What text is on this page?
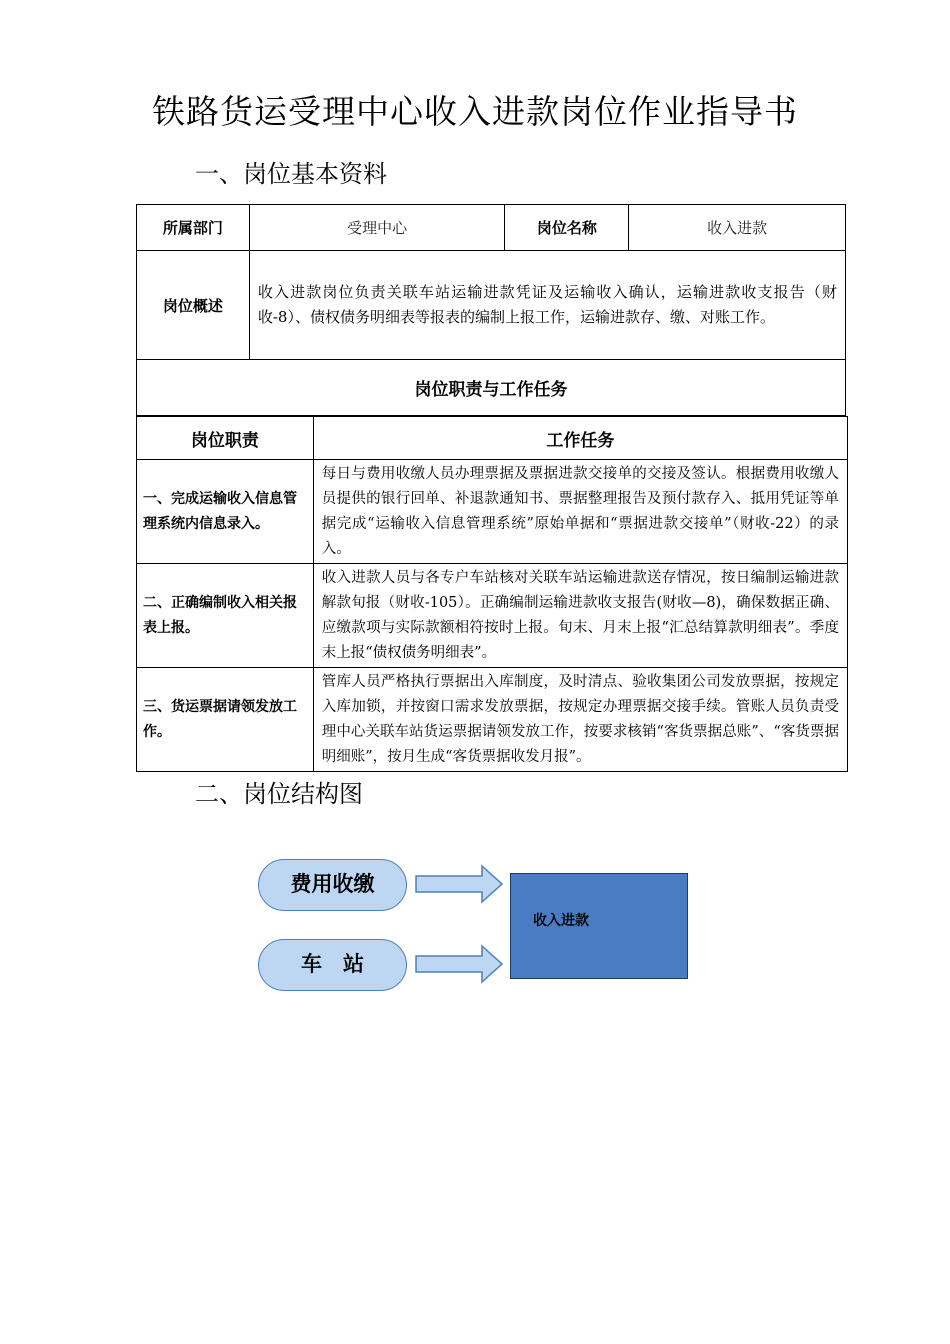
铁路货运受理中心收入进款岗位作业指导书
一、岗位基本资料
所属部门	受理中心	岗位名称	收入进款
岗位概述	收入进款岗位负责关联车站运输进款凭证及运输收入确认，运输进款收支报告（财收-8）、债权债务明细表等报表的编制上报工作，运输进款存、缴、对账工作。		
岗位职责与工作任务			
岗位职责	工作任务
一、完成运输收入信息管理系统内信息录入。	每日与费用收缴人员办理票据及票据进款交接单的交接及签认。根据费用收缴人员提供的银行回单、补退款通知书、票据整理报告及预付款存入、抵用凭证等单据完成“运输收入信息管理系统”原始单据和“票据进款交接单”（财收-22）的录入。
二、正确编制收入相关报表上报。	收入进款人员与各专户车站核对关联车站运输进款送存情况，按日编制运输进款解款旬报（财收-105）。正确编制运输进款收支报告(财收—8)，确保数据正确、应缴款项与实际款额相符按时上报。旬末、月末上报“汇总结算款明细表”。季度末上报“债权债务明细表”。
三、货运票据请领发放工作。	管库人员严格执行票据出入库制度，及时清点、验收集团公司发放票据，按规定入库加锁，并按窗口需求发放票据，按规定办理票据交接手续。管账人员负责受理中心关联车站货运票据请领发放工作，按要求核销“客货票据总账”、“客货票据明细账”，按月生成“客货票据收发月报”。
二、岗位结构图
费用收缴
车　站
收入进款
